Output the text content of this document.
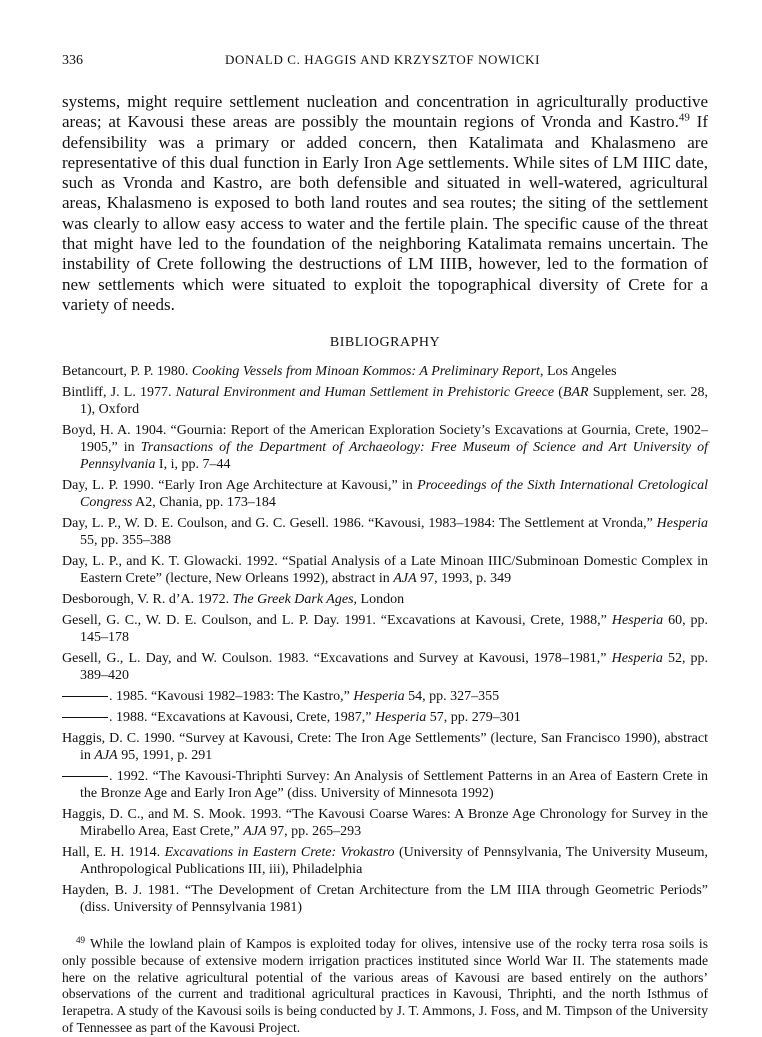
336	DONALD C. HAGGIS AND KRZYSZTOF NOWICKI
systems, might require settlement nucleation and concentration in agriculturally productive areas; at Kavousi these areas are possibly the mountain regions of Vronda and Kastro.$^{49}$ If defensibility was a primary or added concern, then Katalimata and Khalasmeno are representative of this dual function in Early Iron Age settlements. While sites of LM IIIC date, such as Vronda and Kastro, are both defensible and situated in well-watered, agricultural areas, Khalasmeno is exposed to both land routes and sea routes; the siting of the settlement was clearly to allow easy access to water and the fertile plain. The specific cause of the threat that might have led to the foundation of the neighboring Katalimata remains uncertain. The instability of Crete following the destructions of LM IIIB, however, led to the formation of new settlements which were situated to exploit the topographical diversity of Crete for a variety of needs.
BIBLIOGRAPHY
Betancourt, P. P. 1980. Cooking Vessels from Minoan Kommos: A Preliminary Report, Los Angeles
Bintliff, J. L. 1977. Natural Environment and Human Settlement in Prehistoric Greece (BAR Supplement, ser. 28, 1), Oxford
Boyd, H. A. 1904. “Gournia: Report of the American Exploration Society’s Excavations at Gournia, Crete, 1902–1905,” in Transactions of the Department of Archaeology: Free Museum of Science and Art University of Pennsylvania I, i, pp. 7–44
Day, L. P. 1990. “Early Iron Age Architecture at Kavousi,” in Proceedings of the Sixth International Cretological Congress A2, Chania, pp. 173–184
Day, L. P., W. D. E. Coulson, and G. C. Gesell. 1986. “Kavousi, 1983–1984: The Settlement at Vronda,” Hesperia 55, pp. 355–388
Day, L. P., and K. T. Glowacki. 1992. “Spatial Analysis of a Late Minoan IIIC/Subminoan Domestic Complex in Eastern Crete” (lecture, New Orleans 1992), abstract in AJA 97, 1993, p. 349
Desborough, V. R. d’A. 1972. The Greek Dark Ages, London
Gesell, G. C., W. D. E. Coulson, and L. P. Day. 1991. “Excavations at Kavousi, Crete, 1988,” Hesperia 60, pp. 145–178
Gesell, G., L. Day, and W. Coulson. 1983. “Excavations and Survey at Kavousi, 1978–1981,” Hesperia 52, pp. 389–420
. 1985. “Kavousi 1982–1983: The Kastro,” Hesperia 54, pp. 327–355
. 1988. “Excavations at Kavousi, Crete, 1987,” Hesperia 57, pp. 279–301
Haggis, D. C. 1990. “Survey at Kavousi, Crete: The Iron Age Settlements” (lecture, San Francisco 1990), abstract in AJA 95, 1991, p. 291
. 1992. “The Kavousi-Thriphti Survey: An Analysis of Settlement Patterns in an Area of Eastern Crete in the Bronze Age and Early Iron Age” (diss. University of Minnesota 1992)
Haggis, D. C., and M. S. Mook. 1993. “The Kavousi Coarse Wares: A Bronze Age Chronology for Survey in the Mirabello Area, East Crete,” AJA 97, pp. 265–293
Hall, E. H. 1914. Excavations in Eastern Crete: Vrokastro (University of Pennsylvania, The University Museum, Anthropological Publications III, iii), Philadelphia
Hayden, B. J. 1981. “The Development of Cretan Architecture from the LM IIIA through Geometric Periods” (diss. University of Pennsylvania 1981)
$^{49}$ While the lowland plain of Kampos is exploited today for olives, intensive use of the rocky terra rosa soils is only possible because of extensive modern irrigation practices instituted since World War II. The statements made here on the relative agricultural potential of the various areas of Kavousi are based entirely on the authors’ observations of the current and traditional agricultural practices in Kavousi, Thriphti, and the north Isthmus of Ierapetra. A study of the Kavousi soils is being conducted by J. T. Ammons, J. Foss, and M. Timpson of the University of Tennessee as part of the Kavousi Project.
